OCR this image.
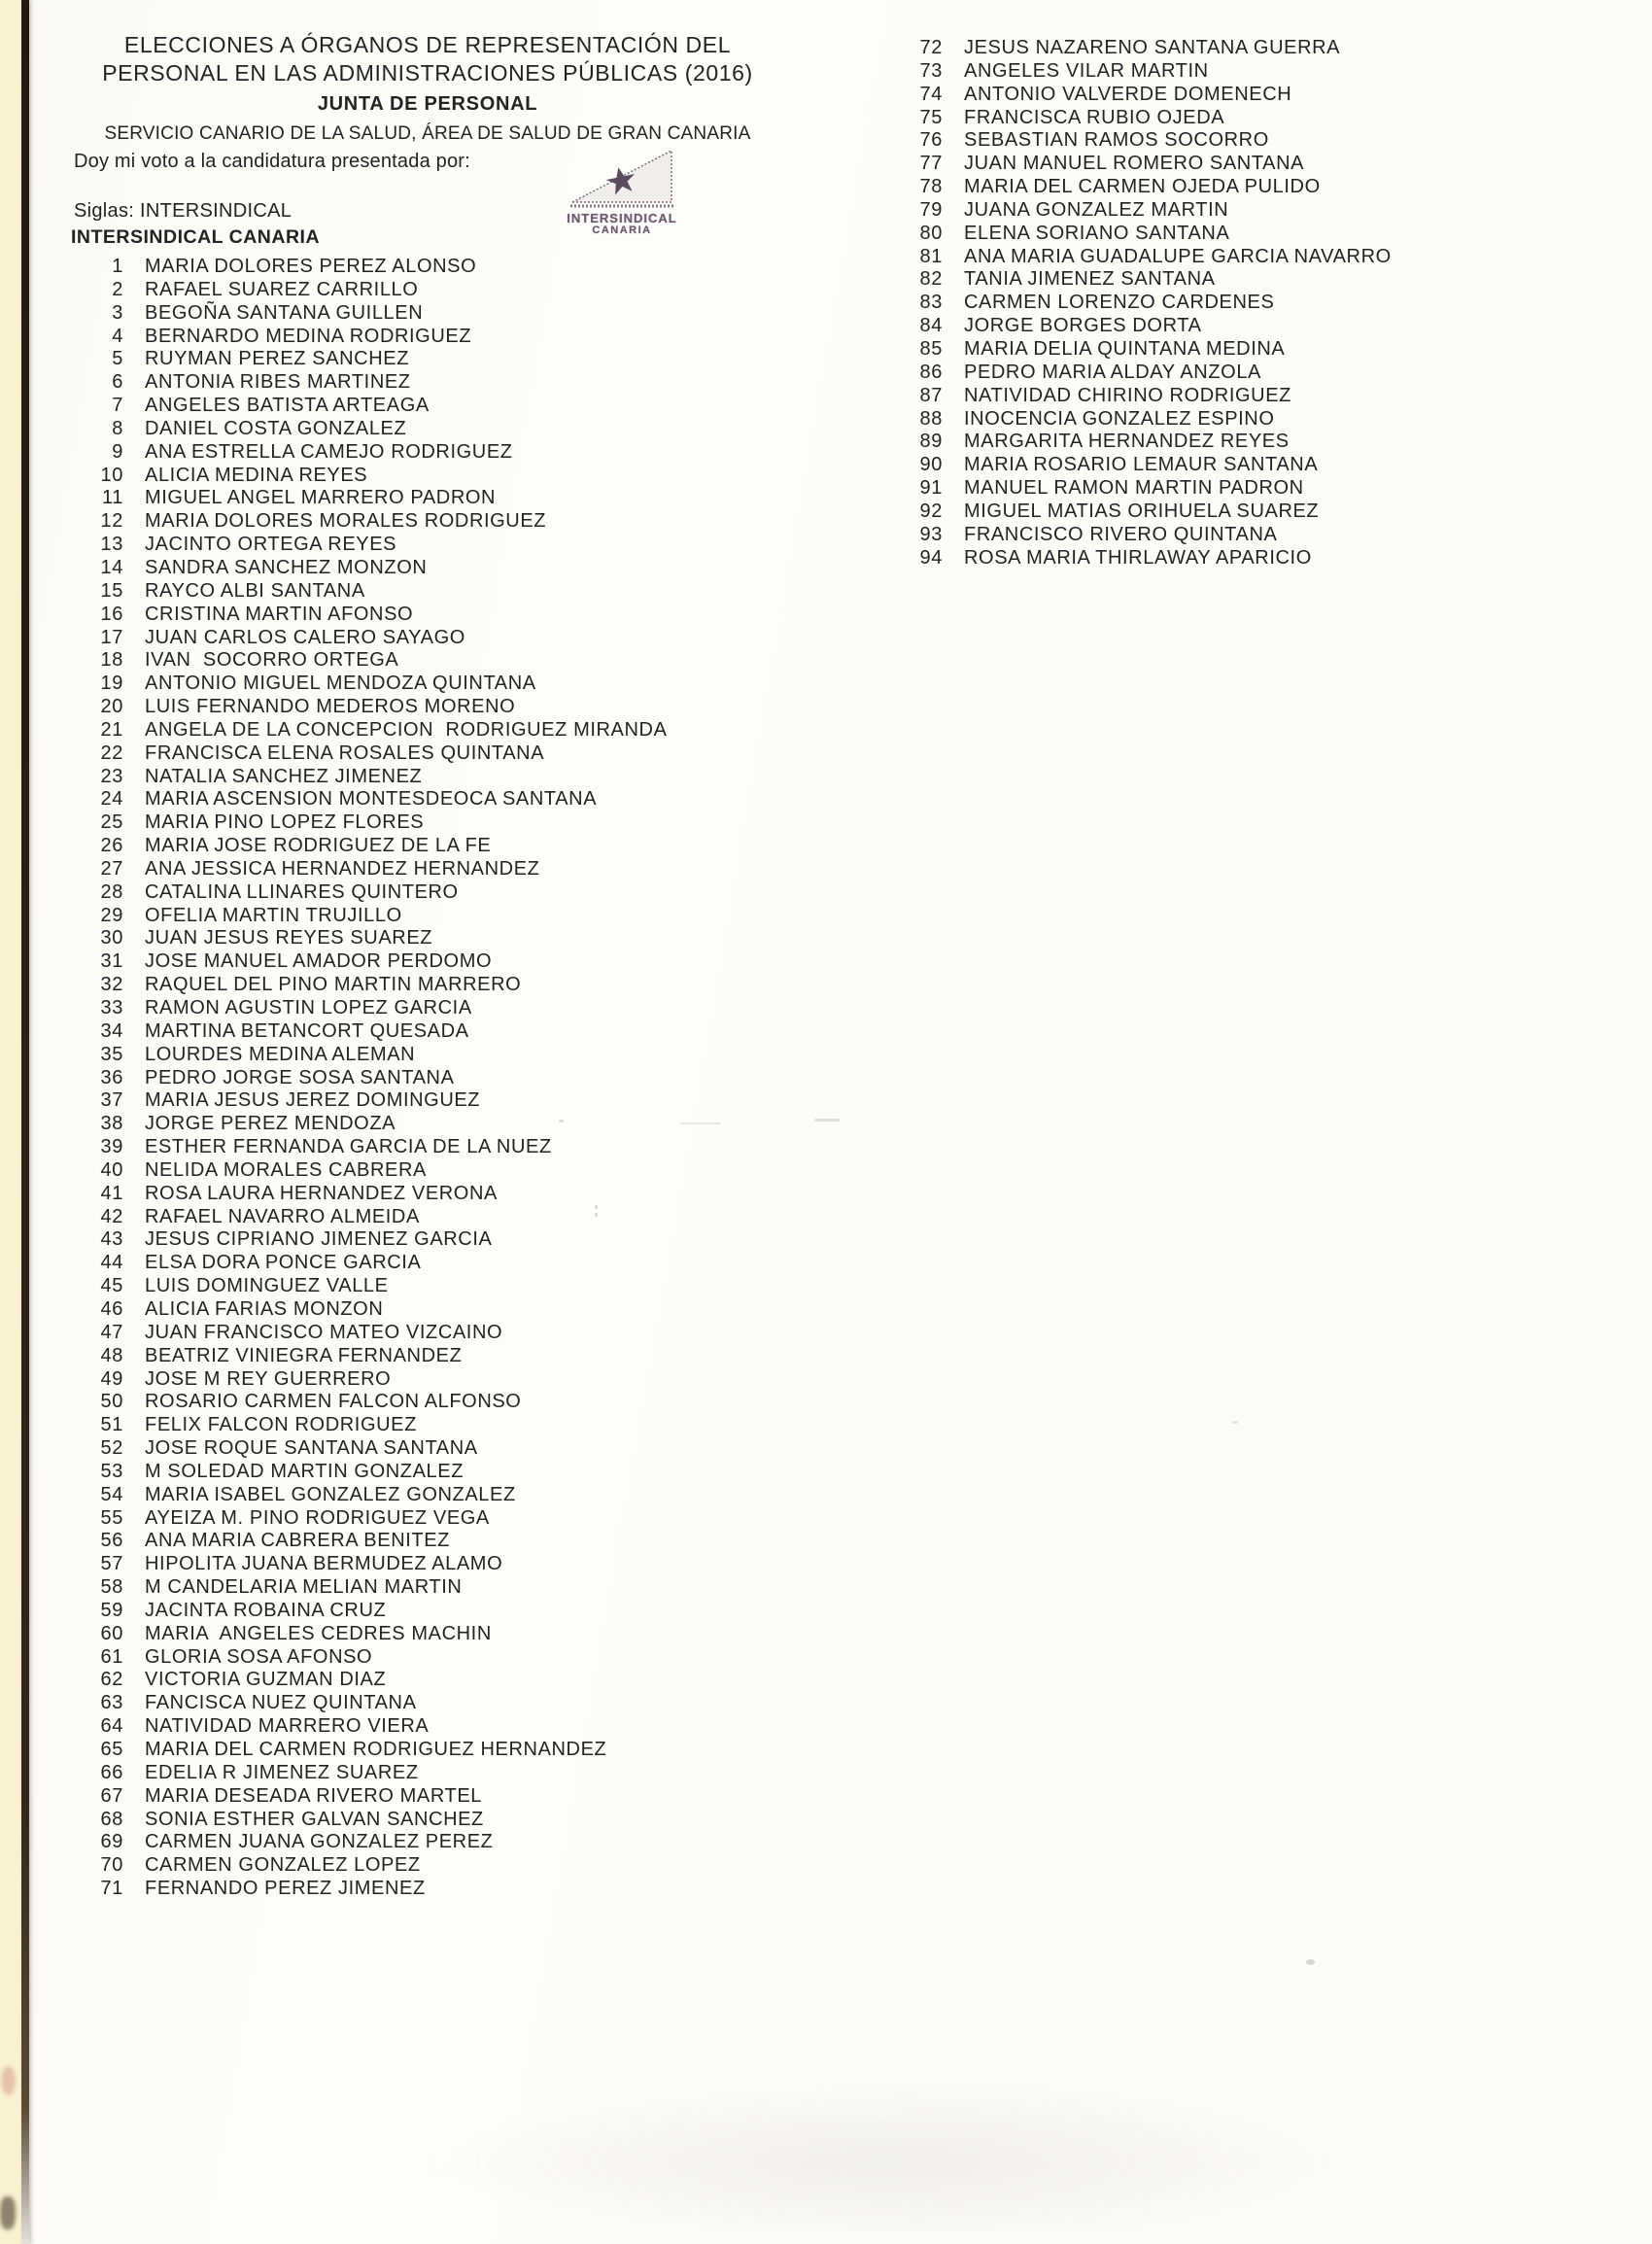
ELECCIONES A ÓRGANOS DE REPRESENTACIÓN DEL
PERSONAL EN LAS ADMINISTRACIONES PÚBLICAS (2016)
JUNTA DE PERSONAL
SERVICIO CANARIO DE LA SALUD, ÁREA DE SALUD DE GRAN CANARIA
Doy mi voto a la candidatura presentada por:
Siglas: INTERSINDICAL
INTERSINDICAL CANARIA
INTERSINDICAL
CANARIA
1 MARIA DOLORES PEREZ ALONSO
2 RAFAEL SUAREZ CARRILLO
3 BEGOÑA SANTANA GUILLEN
4 BERNARDO MEDINA RODRIGUEZ
5 RUYMAN PEREZ SANCHEZ
6 ANTONIA RIBES MARTINEZ
7 ANGELES BATISTA ARTEAGA
8 DANIEL COSTA GONZALEZ
9 ANA ESTRELLA CAMEJO RODRIGUEZ
10 ALICIA MEDINA REYES
11 MIGUEL ANGEL MARRERO PADRON
12 MARIA DOLORES MORALES RODRIGUEZ
13 JACINTO ORTEGA REYES
14 SANDRA SANCHEZ MONZON
15 RAYCO ALBI SANTANA
16 CRISTINA MARTIN AFONSO
17 JUAN CARLOS CALERO SAYAGO
18 IVAN  SOCORRO ORTEGA
19 ANTONIO MIGUEL MENDOZA QUINTANA
20 LUIS FERNANDO MEDEROS MORENO
21 ANGELA DE LA CONCEPCION  RODRIGUEZ MIRANDA
22 FRANCISCA ELENA ROSALES QUINTANA
23 NATALIA SANCHEZ JIMENEZ
24 MARIA ASCENSION MONTESDEOCA SANTANA
25 MARIA PINO LOPEZ FLORES
26 MARIA JOSE RODRIGUEZ DE LA FE
27 ANA JESSICA HERNANDEZ HERNANDEZ
28 CATALINA LLINARES QUINTERO
29 OFELIA MARTIN TRUJILLO
30 JUAN JESUS REYES SUAREZ
31 JOSE MANUEL AMADOR PERDOMO
32 RAQUEL DEL PINO MARTIN MARRERO
33 RAMON AGUSTIN LOPEZ GARCIA
34 MARTINA BETANCORT QUESADA
35 LOURDES MEDINA ALEMAN
36 PEDRO JORGE SOSA SANTANA
37 MARIA JESUS JEREZ DOMINGUEZ
38 JORGE PEREZ MENDOZA
39 ESTHER FERNANDA GARCIA DE LA NUEZ
40 NELIDA MORALES CABRERA
41 ROSA LAURA HERNANDEZ VERONA
42 RAFAEL NAVARRO ALMEIDA
43 JESUS CIPRIANO JIMENEZ GARCIA
44 ELSA DORA PONCE GARCIA
45 LUIS DOMINGUEZ VALLE
46 ALICIA FARIAS MONZON
47 JUAN FRANCISCO MATEO VIZCAINO
48 BEATRIZ VINIEGRA FERNANDEZ
49 JOSE M REY GUERRERO
50 ROSARIO CARMEN FALCON ALFONSO
51 FELIX FALCON RODRIGUEZ
52 JOSE ROQUE SANTANA SANTANA
53 M SOLEDAD MARTIN GONZALEZ
54 MARIA ISABEL GONZALEZ GONZALEZ
55 AYEIZA M. PINO RODRIGUEZ VEGA
56 ANA MARIA CABRERA BENITEZ
57 HIPOLITA JUANA BERMUDEZ ALAMO
58 M CANDELARIA MELIAN MARTIN
59 JACINTA ROBAINA CRUZ
60 MARIA  ANGELES CEDRES MACHIN
61 GLORIA SOSA AFONSO
62 VICTORIA GUZMAN DIAZ
63 FANCISCA NUEZ QUINTANA
64 NATIVIDAD MARRERO VIERA
65 MARIA DEL CARMEN RODRIGUEZ HERNANDEZ
66 EDELIA R JIMENEZ SUAREZ
67 MARIA DESEADA RIVERO MARTEL
68 SONIA ESTHER GALVAN SANCHEZ
69 CARMEN JUANA GONZALEZ PEREZ
70 CARMEN GONZALEZ LOPEZ
71 FERNANDO PEREZ JIMENEZ
72 JESUS NAZARENO SANTANA GUERRA
73 ANGELES VILAR MARTIN
74 ANTONIO VALVERDE DOMENECH
75 FRANCISCA RUBIO OJEDA
76 SEBASTIAN RAMOS SOCORRO
77 JUAN MANUEL ROMERO SANTANA
78 MARIA DEL CARMEN OJEDA PULIDO
79 JUANA GONZALEZ MARTIN
80 ELENA SORIANO SANTANA
81 ANA MARIA GUADALUPE GARCIA NAVARRO
82 TANIA JIMENEZ SANTANA
83 CARMEN LORENZO CARDENES
84 JORGE BORGES DORTA
85 MARIA DELIA QUINTANA MEDINA
86 PEDRO MARIA ALDAY ANZOLA
87 NATIVIDAD CHIRINO RODRIGUEZ
88 INOCENCIA GONZALEZ ESPINO
89 MARGARITA HERNANDEZ REYES
90 MARIA ROSARIO LEMAUR SANTANA
91 MANUEL RAMON MARTIN PADRON
92 MIGUEL MATIAS ORIHUELA SUAREZ
93 FRANCISCO RIVERO QUINTANA
94 ROSA MARIA THIRLAWAY APARICIO
